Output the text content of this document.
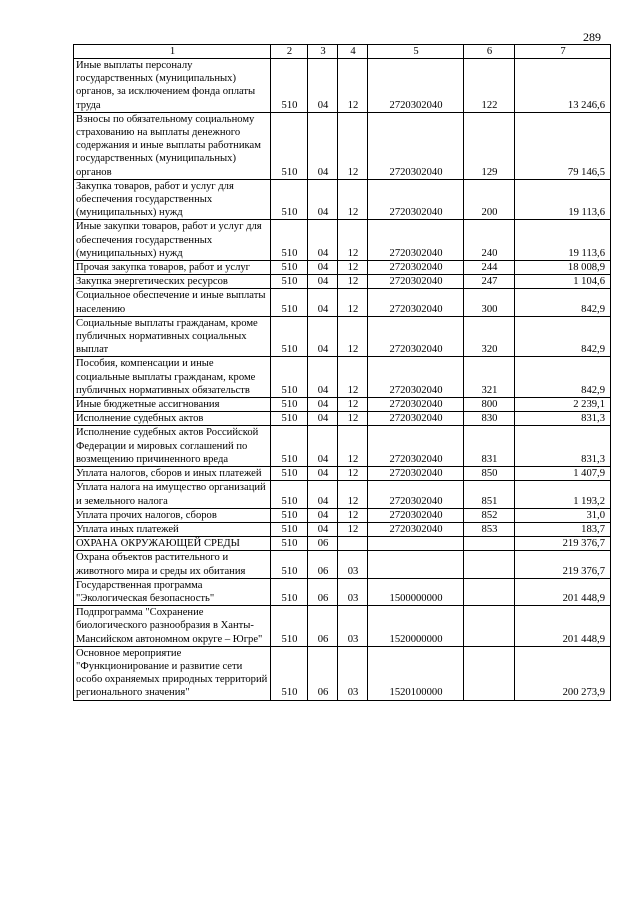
289
1	2	3	4	5	6	7
Иные выплаты персоналу государственных (муниципальных) органов, за исключением фонда оплаты труда	510	04	12	2720302040	122	13 246,6
Взносы по обязательному социальному страхованию на выплаты денежного содержания и иные выплаты работникам государственных (муниципальных) органов	510	04	12	2720302040	129	79 146,5
Закупка товаров, работ и услуг для обеспечения государственных (муниципальных) нужд	510	04	12	2720302040	200	19 113,6
Иные закупки товаров, работ и услуг для обеспечения государственных (муниципальных) нужд	510	04	12	2720302040	240	19 113,6
Прочая закупка товаров, работ и услуг	510	04	12	2720302040	244	18 008,9
Закупка энергетических ресурсов	510	04	12	2720302040	247	1 104,6
Социальное обеспечение и иные выплаты населению	510	04	12	2720302040	300	842,9
Социальные выплаты гражданам, кроме публичных нормативных социальных выплат	510	04	12	2720302040	320	842,9
Пособия, компенсации и иные социальные выплаты гражданам, кроме публичных нормативных обязательств	510	04	12	2720302040	321	842,9
Иные бюджетные ассигнования	510	04	12	2720302040	800	2 239,1
Исполнение судебных актов	510	04	12	2720302040	830	831,3
Исполнение судебных актов Российской Федерации и мировых соглашений по возмещению причиненного вреда	510	04	12	2720302040	831	831,3
Уплата налогов, сборов и иных платежей	510	04	12	2720302040	850	1 407,9
Уплата налога на имущество организаций и земельного налога	510	04	12	2720302040	851	1 193,2
Уплата прочих налогов, сборов	510	04	12	2720302040	852	31,0
Уплата иных платежей	510	04	12	2720302040	853	183,7
ОХРАНА ОКРУЖАЮЩЕЙ СРЕДЫ	510	06				219 376,7
Охрана объектов растительного и животного мира и среды их обитания	510	06	03			219 376,7
Государственная программа "Экологическая безопасность"	510	06	03	1500000000		201 448,9
Подпрограмма "Сохранение биологического разнообразия в Ханты-Мансийском автономном округе – Югре"	510	06	03	1520000000		201 448,9
Основное мероприятие "Функционирование и развитие сети особо охраняемых природных территорий регионального значения"	510	06	03	1520100000		200 273,9
